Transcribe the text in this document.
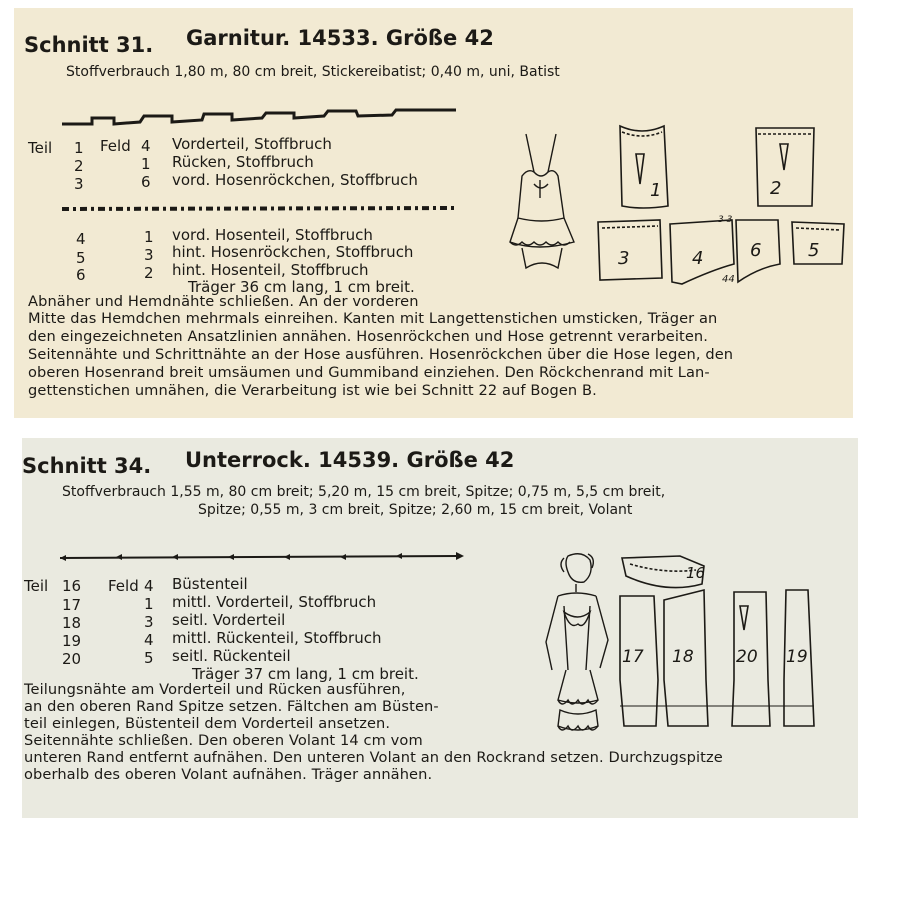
Schnitt 31. Garnitur. 14533. Größe 42
Stoffverbrauch 1,80 m, 80 cm breit, Stickereibatist; 0,40 m, uni, Batist
Teil	Feld
1	4 Vorderteil, Stoffbruch
2	1 Rücken, Stoffbruch
3	6 vord. Hosenröckchen, Stoffbruch
4	1 vord. Hosenteil, Stoffbruch
5	3 hint. Hosenröckchen, Stoffbruch
6	2 hint. Hosenteil, Stoffbruch
Träger 36 cm lang, 1 cm breit.
Abnäher und Hemdnähte schließen. An der vorderen
Mitte das Hemdchen mehrmals einreihen. Kanten mit Langettenstichen umsticken, Träger an
den eingezeichneten Ansatzlinien annähen. Hosenröckchen und Hose getrennt verarbeiten.
Seitennähte und Schrittnähte an der Hose ausführen. Hosenröckchen über die Hose legen, den
oberen Hosenrand breit umsäumen und Gummiband einziehen. Den Röckchenrand mit Lan-
gettenstichen umnähen, die Verarbeitung ist wie bei Schnitt 22 auf Bogen B.
1	2
3	4	6	5
44
3 3
Schnitt 34. Unterrock. 14539. Größe 42
Stoffverbrauch 1,55 m, 80 cm breit; 5,20 m, 15 cm breit, Spitze; 0,75 m, 5,5 cm breit,
Spitze; 0,55 m, 3 cm breit, Spitze; 2,60 m, 15 cm breit, Volant
Teil	Feld
16	4 Büstenteil
17	1 mittl. Vorderteil, Stoffbruch
18	3 seitl. Vorderteil
19	4 mittl. Rückenteil, Stoffbruch
20	5 seitl. Rückenteil
Träger 37 cm lang, 1 cm breit.
Teilungsnähte am Vorderteil und Rücken ausführen,
an den oberen Rand Spitze setzen. Fältchen am Büsten-
teil einlegen, Büstenteil dem Vorderteil ansetzen.
Seitennähte schließen. Den oberen Volant 14 cm vom
unteren Rand entfernt aufnähen. Den unteren Volant an den Rockrand setzen. Durchzugspitze
oberhalb des oberen Volant aufnähen. Träger annähen.
16
17 18 20 19
